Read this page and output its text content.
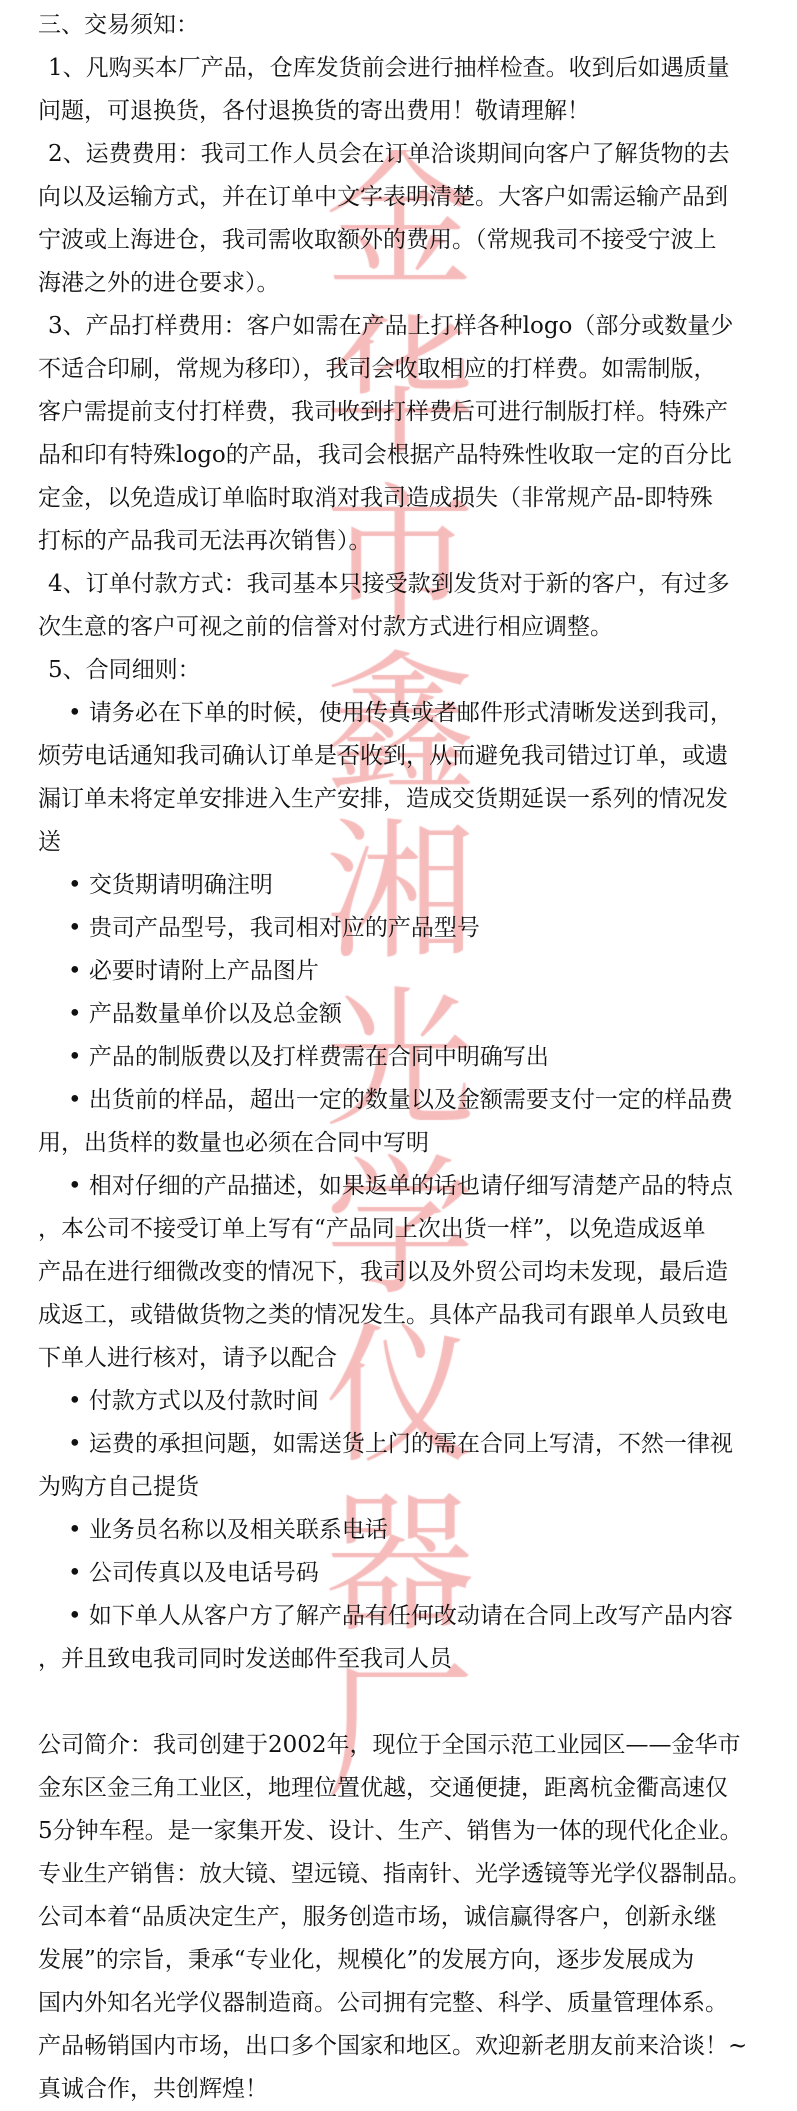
三、交易须知：
1、凡购买本厂产品，仓库发货前会进行抽样检查。收到后如遇质量
问题，可退换货，各付退换货的寄出费用！敬请理解！
2、运费费用：我司工作人员会在订单洽谈期间向客户了解货物的去
向以及运输方式，并在订单中文字表明清楚。大客户如需运输产品到
宁波或上海进仓，我司需收取额外的费用。（常规我司不接受宁波上
海港之外的进仓要求）。
3、产品打样费用：客户如需在产品上打样各种logo（部分或数量少
不适合印刷，常规为移印），我司会收取相应的打样费。如需制版，
客户需提前支付打样费，我司收到打样费后可进行制版打样。特殊产
品和印有特殊logo的产品，我司会根据产品特殊性收取一定的百分比
定金，以免造成订单临时取消对我司造成损失（非常规产品-即特殊
打标的产品我司无法再次销售）。
4、订单付款方式：我司基本只接受款到发货对于新的客户，有过多
次生意的客户可视之前的信誉对付款方式进行相应调整。
5、合同细则：
• 请务必在下单的时候，使用传真或者邮件形式清晰发送到我司，
烦劳电话通知我司确认订单是否收到，从而避免我司错过订单，或遗
漏订单未将定单安排进入生产安排，造成交货期延误一系列的情况发
送
• 交货期请明确注明
• 贵司产品型号，我司相对应的产品型号
• 必要时请附上产品图片
• 产品数量单价以及总金额
• 产品的制版费以及打样费需在合同中明确写出
• 出货前的样品，超出一定的数量以及金额需要支付一定的样品费
用，出货样的数量也必须在合同中写明
• 相对仔细的产品描述，如果返单的话也请仔细写清楚产品的特点
，本公司不接受订单上写有“产品同上次出货一样”，以免造成返单
产品在进行细微改变的情况下，我司以及外贸公司均未发现，最后造
成返工，或错做货物之类的情况发生。具体产品我司有跟单人员致电
下单人进行核对，请予以配合
• 付款方式以及付款时间
• 运费的承担问题，如需送货上门的需在合同上写清，不然一律视
为购方自己提货
• 业务员名称以及相关联系电话
• 公司传真以及电话号码
• 如下单人从客户方了解产品有任何改动请在合同上改写产品内容
，并且致电我司同时发送邮件至我司人员
公司简介：我司创建于2002年，现位于全国示范工业园区——金华市
金东区金三角工业区，地理位置优越，交通便捷，距离杭金衢高速仅
5分钟车程。是一家集开发、设计、生产、销售为一体的现代化企业。
专业生产销售：放大镜、望远镜、指南针、光学透镜等光学仪器制品。
公司本着“品质决定生产，服务创造市场，诚信赢得客户，创新永继
发展”的宗旨，秉承“专业化，规模化”的发展方向，逐步发展成为
国内外知名光学仪器制造商。公司拥有完整、科学、质量管理体系。
产品畅销国内市场，出口多个国家和地区。欢迎新老朋友前来洽谈！~
真诚合作，共创辉煌！
